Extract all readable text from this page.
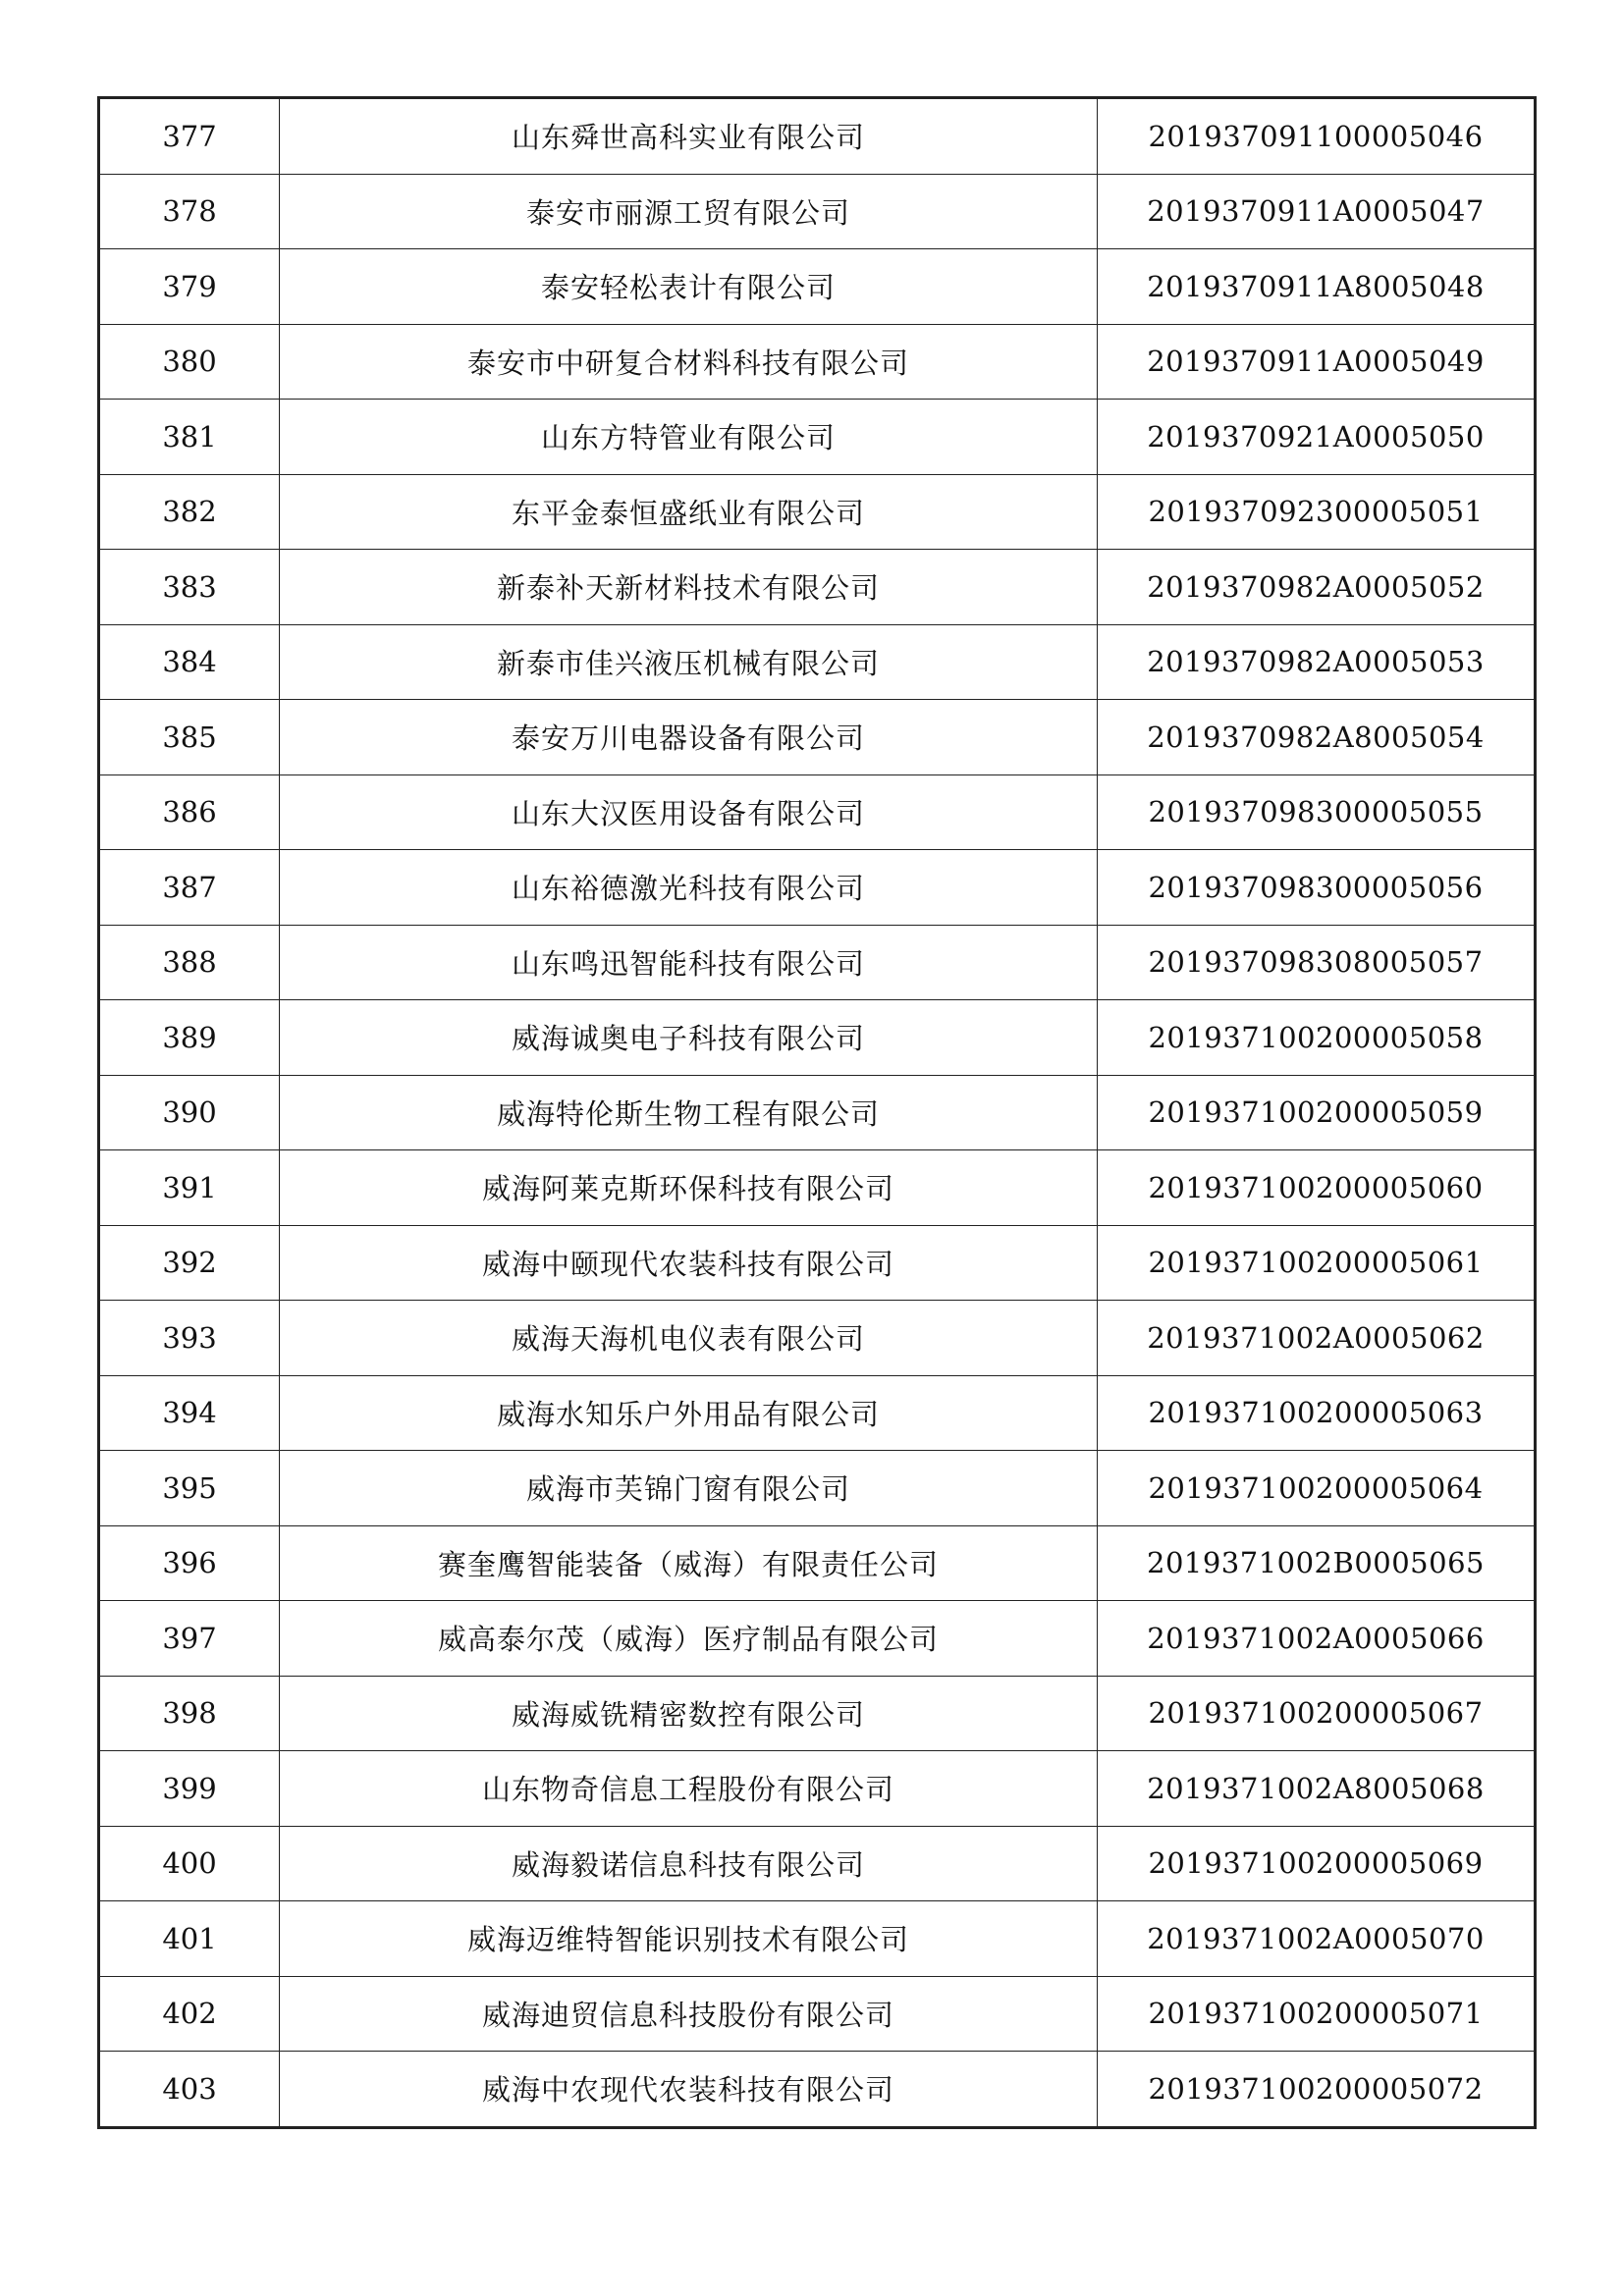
377	山东舜世高科实业有限公司	201937091100005046
378	泰安市丽源工贸有限公司	2019370911A0005047
379	泰安轻松表计有限公司	2019370911A8005048
380	泰安市中研复合材料科技有限公司	2019370911A0005049
381	山东方特管业有限公司	2019370921A0005050
382	东平金泰恒盛纸业有限公司	201937092300005051
383	新泰补天新材料技术有限公司	2019370982A0005052
384	新泰市佳兴液压机械有限公司	2019370982A0005053
385	泰安万川电器设备有限公司	2019370982A8005054
386	山东大汉医用设备有限公司	201937098300005055
387	山东裕德激光科技有限公司	201937098300005056
388	山东鸣迅智能科技有限公司	201937098308005057
389	威海诚奥电子科技有限公司	201937100200005058
390	威海特伦斯生物工程有限公司	201937100200005059
391	威海阿莱克斯环保科技有限公司	201937100200005060
392	威海中颐现代农装科技有限公司	201937100200005061
393	威海天海机电仪表有限公司	2019371002A0005062
394	威海水知乐户外用品有限公司	201937100200005063
395	威海市芙锦门窗有限公司	201937100200005064
396	赛奎鹰智能装备（威海）有限责任公司	2019371002B0005065
397	威高泰尔茂（威海）医疗制品有限公司	2019371002A0005066
398	威海威铣精密数控有限公司	201937100200005067
399	山东物奇信息工程股份有限公司	2019371002A8005068
400	威海毅诺信息科技有限公司	201937100200005069
401	威海迈维特智能识别技术有限公司	2019371002A0005070
402	威海迪贸信息科技股份有限公司	201937100200005071
403	威海中农现代农装科技有限公司	201937100200005072
